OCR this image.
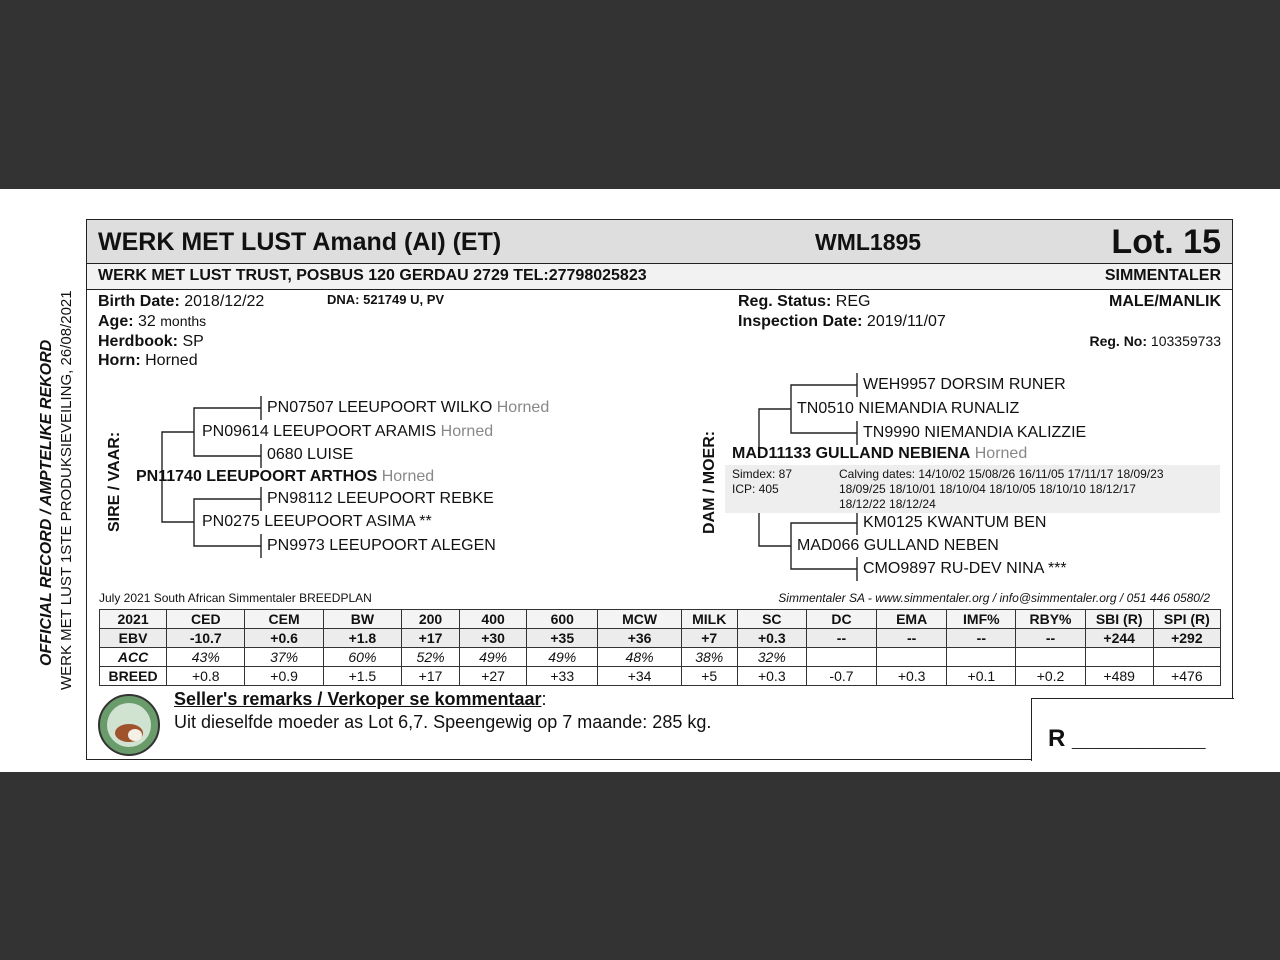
OFFICIAL RECORD / AMPTELIKE REKORD WERK MET LUST 1STE PRODUKSIEVEILING, 26/08/2021
WERK MET LUST Amand (AI) (ET)	WML1895	Lot. 15
WERK MET LUST TRUST, POSBUS 120 GERDAU 2729 TEL:27798025823	SIMMENTALER
Birth Date: 2018/12/22	DNA: 521749 U, PV
Age: 32 months
Herdbook: SP
Horn: Horned
Reg. Status: REG
Inspection Date: 2019/11/07
MALE/MANLIK
Reg. No: 103359733
SIRE / VAAR:
PN07507 LEEUPOORT WILKO Horned
PN09614 LEEUPOORT ARAMIS Horned
0680 LUISE
PN11740 LEEUPOORT ARTHOS Horned
PN98112 LEEUPOORT REBKE
PN0275 LEEUPOORT ASIMA **
PN9973 LEEUPOORT ALEGEN
DAM / MOER:
WEH9957 DORSIM RUNER
TN0510 NIEMANDIA RUNALIZ
TN9990 NIEMANDIA KALIZZIE
MAD11133 GULLAND NEBIENA Horned
Simdex: 87
ICP: 405
Calving dates: 14/10/02 15/08/26 16/11/05 17/11/17 18/09/23
18/09/25 18/10/01 18/10/04 18/10/05 18/10/10 18/12/17
18/12/22 18/12/24
KM0125 KWANTUM BEN
MAD066 GULLAND NEBEN
CMO9897 RU-DEV NINA ***
July 2021 South African Simmentaler BREEDPLAN	Simmentaler SA - www.simmentaler.org / info@simmentaler.org / 051 446 0580/2
2021	CED	CEM	BW	200	400	600	MCW	MILK	SC	DC	EMA	IMF%	RBY%	SBI (R)	SPI (R)
EBV	-10.7	+0.6	+1.8	+17	+30	+35	+36	+7	+0.3	--	--	--	--	+244	+292
ACC	43%	37%	60%	52%	49%	49%	48%	38%	32%						
BREED	+0.8	+0.9	+1.5	+17	+27	+33	+34	+5	+0.3	-0.7	+0.3	+0.1	+0.2	+489	+476
Seller's remarks / Verkoper se kommentaar:
Uit dieselfde moeder as Lot 6,7. Speengewig op 7 maande: 285 kg.
R __________
